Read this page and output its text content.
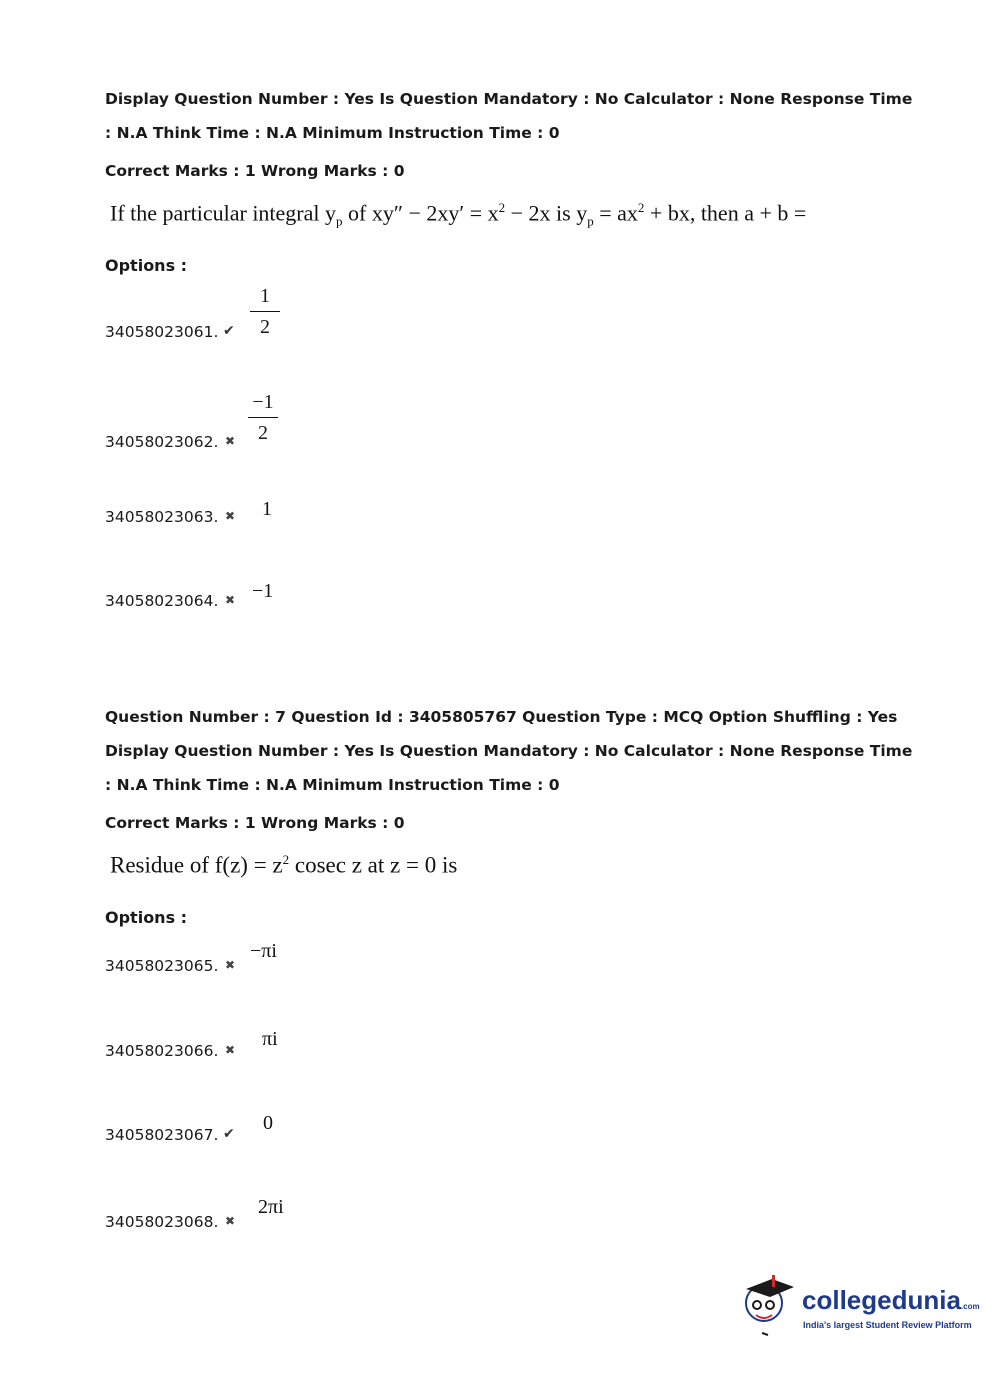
Display Question Number : Yes Is Question Mandatory : No Calculator : None Response Time
: N.A Think Time : N.A Minimum Instruction Time : 0
Correct Marks : 1 Wrong Marks : 0
If the particular integral $y_p$ of $xy'' - 2xy' = x^2 - 2x$ is $y_p = ax^2$ + bx, then a + b =
Options :
34058023061. ✔
1
2
34058023062. ✖
−1
2
34058023063. ✖ 1
34058023064. ✖ −1
Question Number : 7 Question Id : 3405805767 Question Type : MCQ Option Shuffling : Yes
Display Question Number : Yes Is Question Mandatory : No Calculator : None Response Time
: N.A Think Time : N.A Minimum Instruction Time : 0
Correct Marks : 1 Wrong Marks : 0
Residue of $f(z) = z^2$ cosec z at z = 0 is
Options :
34058023065. ✖
−πi
34058023066. ✖ πi
34058023067. ✔ 0
34058023068. ✖
2πi
collegedunia.com
India's largest Student Review Platform
